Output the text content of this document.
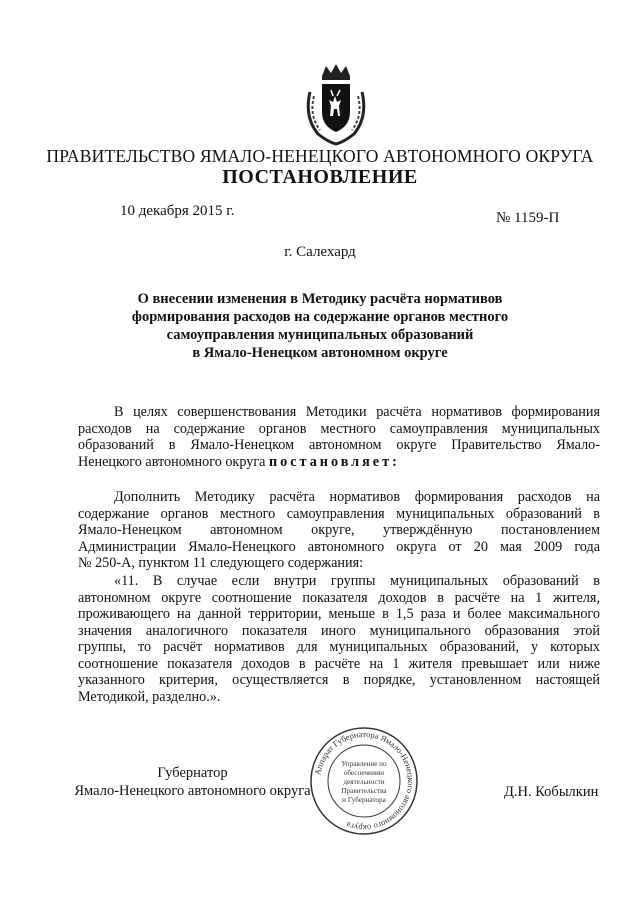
ПРАВИТЕЛЬСТВО ЯМАЛО-НЕНЕЦКОГО АВТОНОМНОГО ОКРУГА
ПОСТАНОВЛЕНИЕ
10 декабря 2015 г.	№ 1159-П
г. Салехард
О внесении изменения в Методику расчёта нормативов
формирования расходов на содержание органов местного
самоуправления муниципальных образований
в Ямало-Ненецком автономном округе
В целях совершенствования Методики расчёта нормативов формирования
расходов на содержание органов местного самоуправления муниципальных
образований в Ямало-Ненецком автономном округе Правительство Ямало-
Ненецкого автономного округа постановляет:
Дополнить Методику расчёта нормативов формирования расходов на
содержание органов местного самоуправления муниципальных образований в
Ямало-Ненецком автономном округе, утверждённую постановлением
Администрации Ямало-Ненецкого автономного округа от 20 мая 2009 года
№ 250-А, пунктом 11 следующего содержания:
«11. В случае если внутри группы муниципальных образований в
автономном округе соотношение показателя доходов в расчёте на 1 жителя,
проживающего на данной территории, меньше в 1,5 раза и более максимального
значения аналогичного показателя иного муниципального образования этой
группы, то расчёт нормативов для муниципальных образований, у которых
соотношение показателя доходов в расчёте на 1 жителя превышает или ниже
указанного критерия, осуществляется в порядке, установленном настоящей
Методикой, разделно.».
Губернатор
Ямало-Ненецкого автономного округа	Д.Н. Кобылкин
Аппарат Губернатора Ямало-Ненецкого автономного округа
Управление по
обеспечению
деятельности
Правительства
и Губернатора
